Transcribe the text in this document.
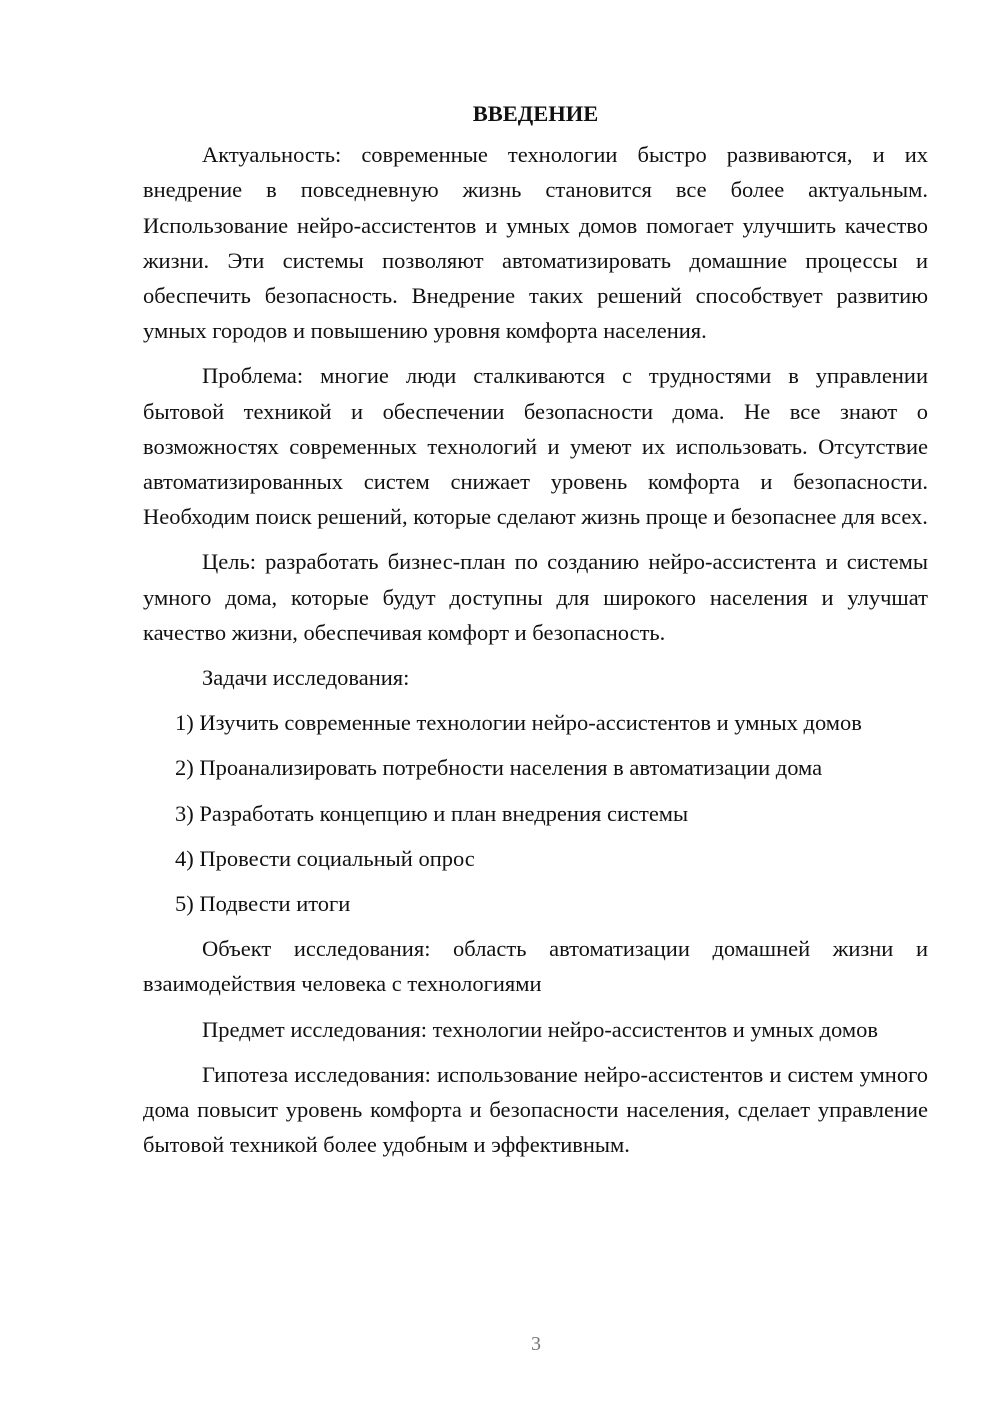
ВВЕДЕНИЕ

Актуальность: современные технологии быстро развиваются, и их внедрение в повседневную жизнь становится все более актуальным. Использование нейро-ассистентов и умных домов помогает улучшить качество жизни. Эти системы позволяют автоматизировать домашние процессы и обеспечить безопасность. Внедрение таких решений способствует развитию умных городов и повышению уровня комфорта населения.

Проблема: многие люди сталкиваются с трудностями в управлении бытовой техникой и обеспечении безопасности дома. Не все знают о возможностях современных технологий и умеют их использовать. Отсутствие автоматизированных систем снижает уровень комфорта и безопасности. Необходим поиск решений, которые сделают жизнь проще и безопаснее для всех.

Цель: разработать бизнес-план по созданию нейро-ассистента и системы умного дома, которые будут доступны для широкого населения и улучшат качество жизни, обеспечивая комфорт и безопасность.

Задачи исследования:

1) Изучить современные технологии нейро-ассистентов и умных домов

2) Проанализировать потребности населения в автоматизации дома

3) Разработать концепцию и план внедрения системы

4) Провести социальный опрос

5) Подвести итоги

Объект исследования: область автоматизации домашней жизни и взаимодействия человека с технологиями

Предмет исследования: технологии нейро-ассистентов и умных домов

Гипотеза исследования: использование нейро-ассистентов и систем умного дома повысит уровень комфорта и безопасности населения, сделает управление бытовой техникой более удобным и эффективным.

3
